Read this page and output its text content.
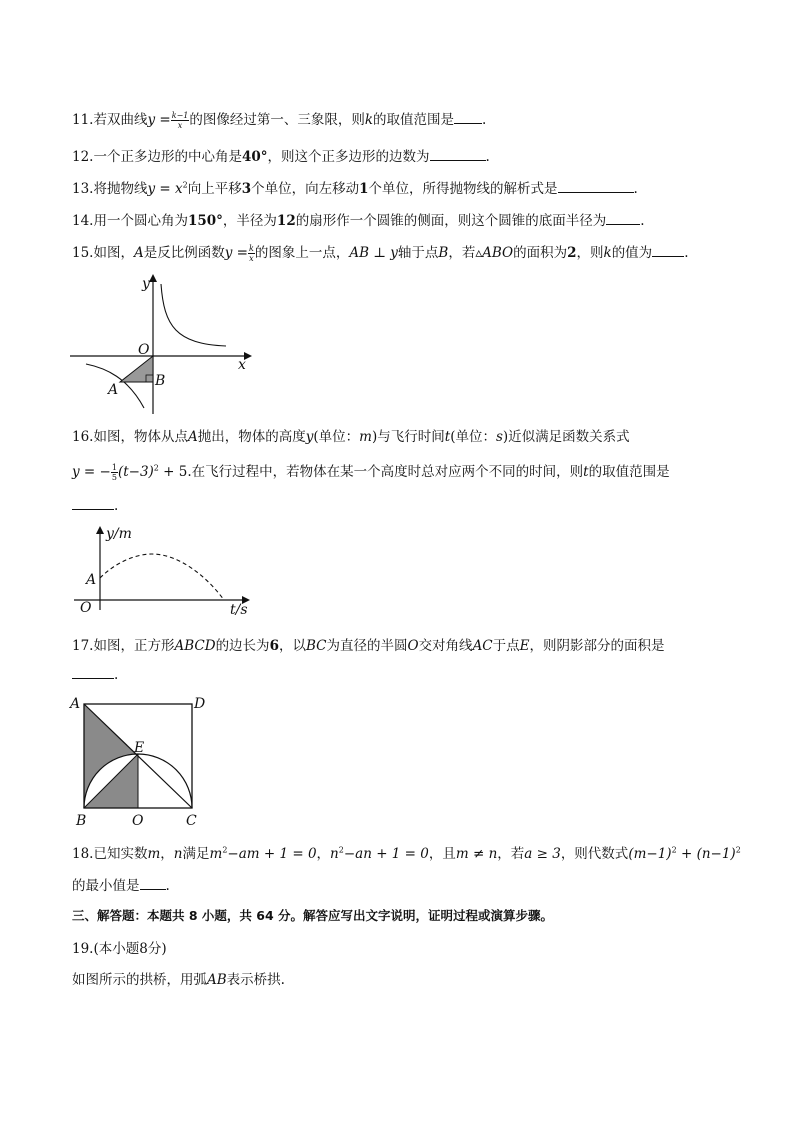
11.若双曲线$y = \frac{k-1}{x}$ 的图像经过第一、三象限，则k的取值范围是 .
12.一个正多边形的中心角是40°，则这个正多边形的边数为	.
13.将抛物线$y = x^2$向上平移3个单位，向左移动1个单位，所得抛物线的解析式是	.
14.用一个圆心角为150°，半径为12的扇形作一个圆锥的侧面，则这个圆锥的底面半径为	.
15.如图，A是反比例函数$y = \frac{k}{x}$ 的图象上一点，AB ⊥ y轴于点B，若▵ABO的面积为2，则k的值为 .
y
x
O
A
B
16.如图，物体从点A抛出，物体的高度y(单位：m)与飞行时间t(单位：s)近似满足函数关系式
y = − $\frac{1}{5} (t-3)^2 + 5$.在飞行过程中，若物体在某一个高度时总对应两个不同的时间，则t的取值范围是
.
y/m
A
O	t/s
17.如图，正方形ABCD的边长为6，以BC为直径的半圆O交对角线AC于点E，则阴影部分的面积是
.
A	D
E
B	O	C
18.已知实数m，n满足$m^2-am + 1 = 0$，$n^2-an + 1 = 0$，且m ≠ n，若a ≥ 3，则代数式$(m-1)^2 + (n-1)^2$
的最小值是 .
三、解答题：本题共 8 小题，共 64 分。解答应写出文字说明，证明过程或演算步骤。
19.(本小题8分)
如图所示的拱桥，用弧AB表示桥拱.
